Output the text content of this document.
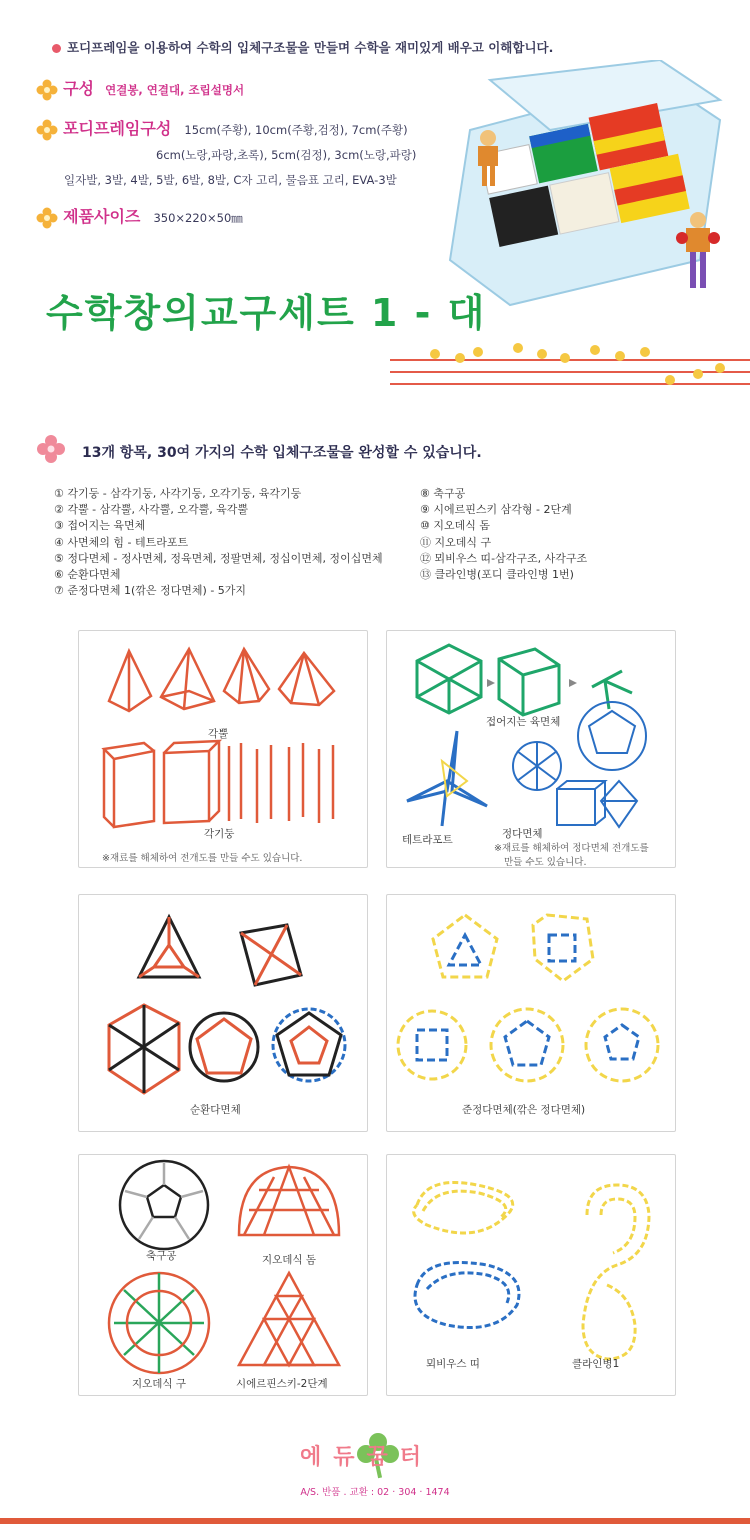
포디프레임을 이용하여 수학의 입체구조물을 만들며 수학을 재미있게 배우고 이해합니다.
구성 연결봉, 연결대, 조립설명서
포디프레임구성 15cm(주황), 10cm(주황,검정), 7cm(주황)
6cm(노랑,파랑,초록), 5cm(검정), 3cm(노랑,파랑)
일자발, 3발, 4발, 5발, 6발, 8발, C자 고리, 물음표 고리, EVA-3발
제품사이즈 350×220×50㎜
수학창의교구세트 1 - 대
13개 항목, 30여 가지의 수학 입체구조물을 완성할 수 있습니다.
① 각기둥 - 삼각기둥, 사각기둥, 오각기둥, 육각기둥
② 각뿔 - 삼각뿔, 사각뿔, 오각뿔, 육각뿔
③ 접어지는 육면체
④ 사면체의 힘 - 테트라포트
⑤ 정다면체 - 정사면체, 정육면체, 정팔면체, 정십이면체, 정이십면체
⑥ 순환다면체
⑦ 준정다면체 1(깎은 정다면체) - 5가지
⑧ 축구공
⑨ 시에르핀스키 삼각형 - 2단계
⑩ 지오데식 돔
⑪ 지오데식 구
⑫ 뫼비우스 띠-삼각구조, 사각구조
⑬ 클라인병(포디 클라인병 1번)
각뿔
각기둥
※재료를 해체하여 전개도를 만들 수도 있습니다.
접어지는 육면체
테트라포트	정다면체
※재료를 해체하여 정다면체 전개도를
만들 수도 있습니다.
순환다면체	준정다면체(깎은 정다면체)
축구공	지오데식 돔
지오데식 구	시에르핀스키-2단계
뫼비우스 띠	클라인병1
에듀꿈터
A/S. 반품 . 교환 : 02 · 304 · 1474
